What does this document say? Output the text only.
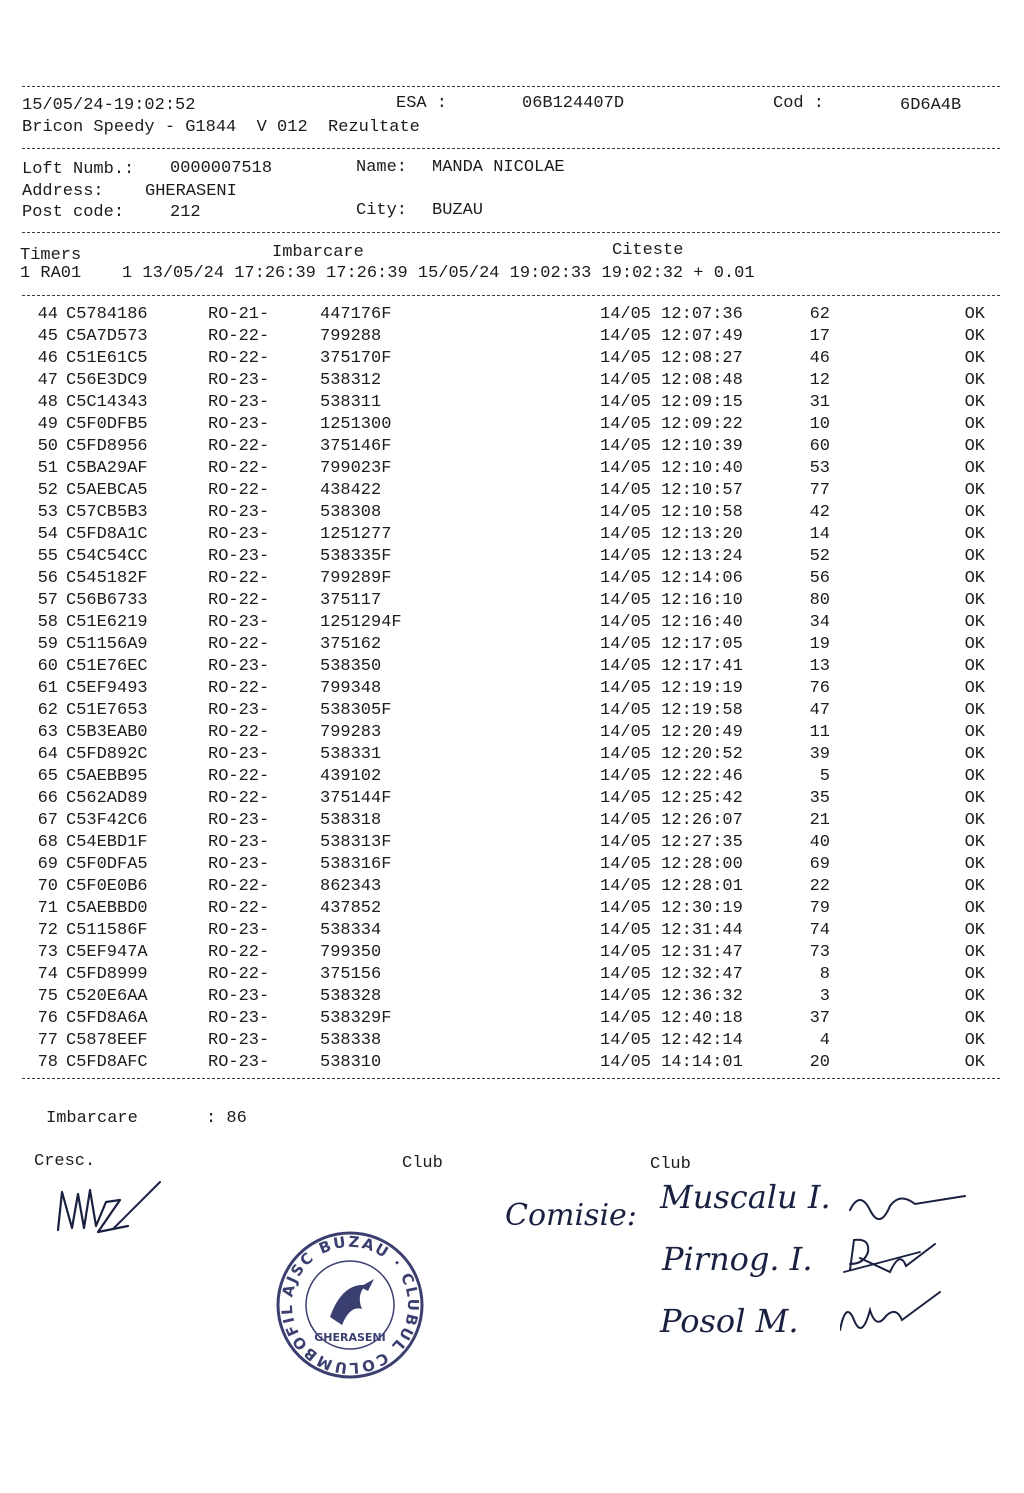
15/05/24-19:02:52	ESA :	06B124407D	Cod :	6D6A4B
Bricon Speedy - G1844  V 012  Rezultate
Loft Numb.: 0000007518	Name: MANDA NICOLAE
Address: GHERASENI
Post code:	212	City: BUZAU
Timers	Imbarcare	Citeste
1 RA01    1 13/05/24 17:26:39 17:26:39 15/05/24 19:02:33 19:02:32 + 0.01
44 C5784186	RO-21-	447176F	14/05 12:07:36	62	OK
45 C5A7D573	RO-22-	799288	14/05 12:07:49	17	OK
46 C51E61C5	RO-22-	375170F	14/05 12:08:27	46	OK
47 C56E3DC9	RO-23-	538312	14/05 12:08:48	12	OK
48 C5C14343	RO-23-	538311	14/05 12:09:15	31	OK
49 C5F0DFB5	RO-23-	1251300	14/05 12:09:22	10	OK
50 C5FD8956	RO-22-	375146F	14/05 12:10:39	60	OK
51 C5BA29AF	RO-22-	799023F	14/05 12:10:40	53	OK
52 C5AEBCA5	RO-22-	438422	14/05 12:10:57	77	OK
53 C57CB5B3	RO-23-	538308	14/05 12:10:58	42	OK
54 C5FD8A1C	RO-23-	1251277	14/05 12:13:20	14	OK
55 C54C54CC	RO-23-	538335F	14/05 12:13:24	52	OK
56 C545182F	RO-22-	799289F	14/05 12:14:06	56	OK
57 C56B6733	RO-22-	375117	14/05 12:16:10	80	OK
58 C51E6219	RO-23-	1251294F	14/05 12:16:40	34	OK
59 C51156A9	RO-22-	375162	14/05 12:17:05	19	OK
60 C51E76EC	RO-23-	538350	14/05 12:17:41	13	OK
61 C5EF9493	RO-22-	799348	14/05 12:19:19	76	OK
62 C51E7653	RO-23-	538305F	14/05 12:19:58	47	OK
63 C5B3EAB0	RO-22-	799283	14/05 12:20:49	11	OK
64 C5FD892C	RO-23-	538331	14/05 12:20:52	39	OK
65 C5AEBB95	RO-22-	439102	14/05 12:22:46	5	OK
66 C562AD89	RO-22-	375144F	14/05 12:25:42	35	OK
67 C53F42C6	RO-23-	538318	14/05 12:26:07	21	OK
68 C54EBD1F	RO-23-	538313F	14/05 12:27:35	40	OK
69 C5F0DFA5	RO-23-	538316F	14/05 12:28:00	69	OK
70 C5F0E0B6	RO-22-	862343	14/05 12:28:01	22	OK
71 C5AEBBD0	RO-22-	437852	14/05 12:30:19	79	OK
72 C511586F	RO-23-	538334	14/05 12:31:44	74	OK
73 C5EF947A	RO-22-	799350	14/05 12:31:47	73	OK
74 C5FD8999	RO-22-	375156	14/05 12:32:47	8	OK
75 C520E6AA	RO-23-	538328	14/05 12:36:32	3	OK
76 C5FD8A6A	RO-23-	538329F	14/05 12:40:18	37	OK
77 C5878EEF	RO-23-	538338	14/05 12:42:14	4	OK
78 C5FD8AFC	RO-23-	538310	14/05 14:14:01	20	OK
Imbarcare	: 86
Cresc.	Club	Club
AJSC BUZAU · CLUBUL COLUMBOFIL
GHERASENI
Comisie: Muscalu I.
Pirnog. I.
Posol M.
